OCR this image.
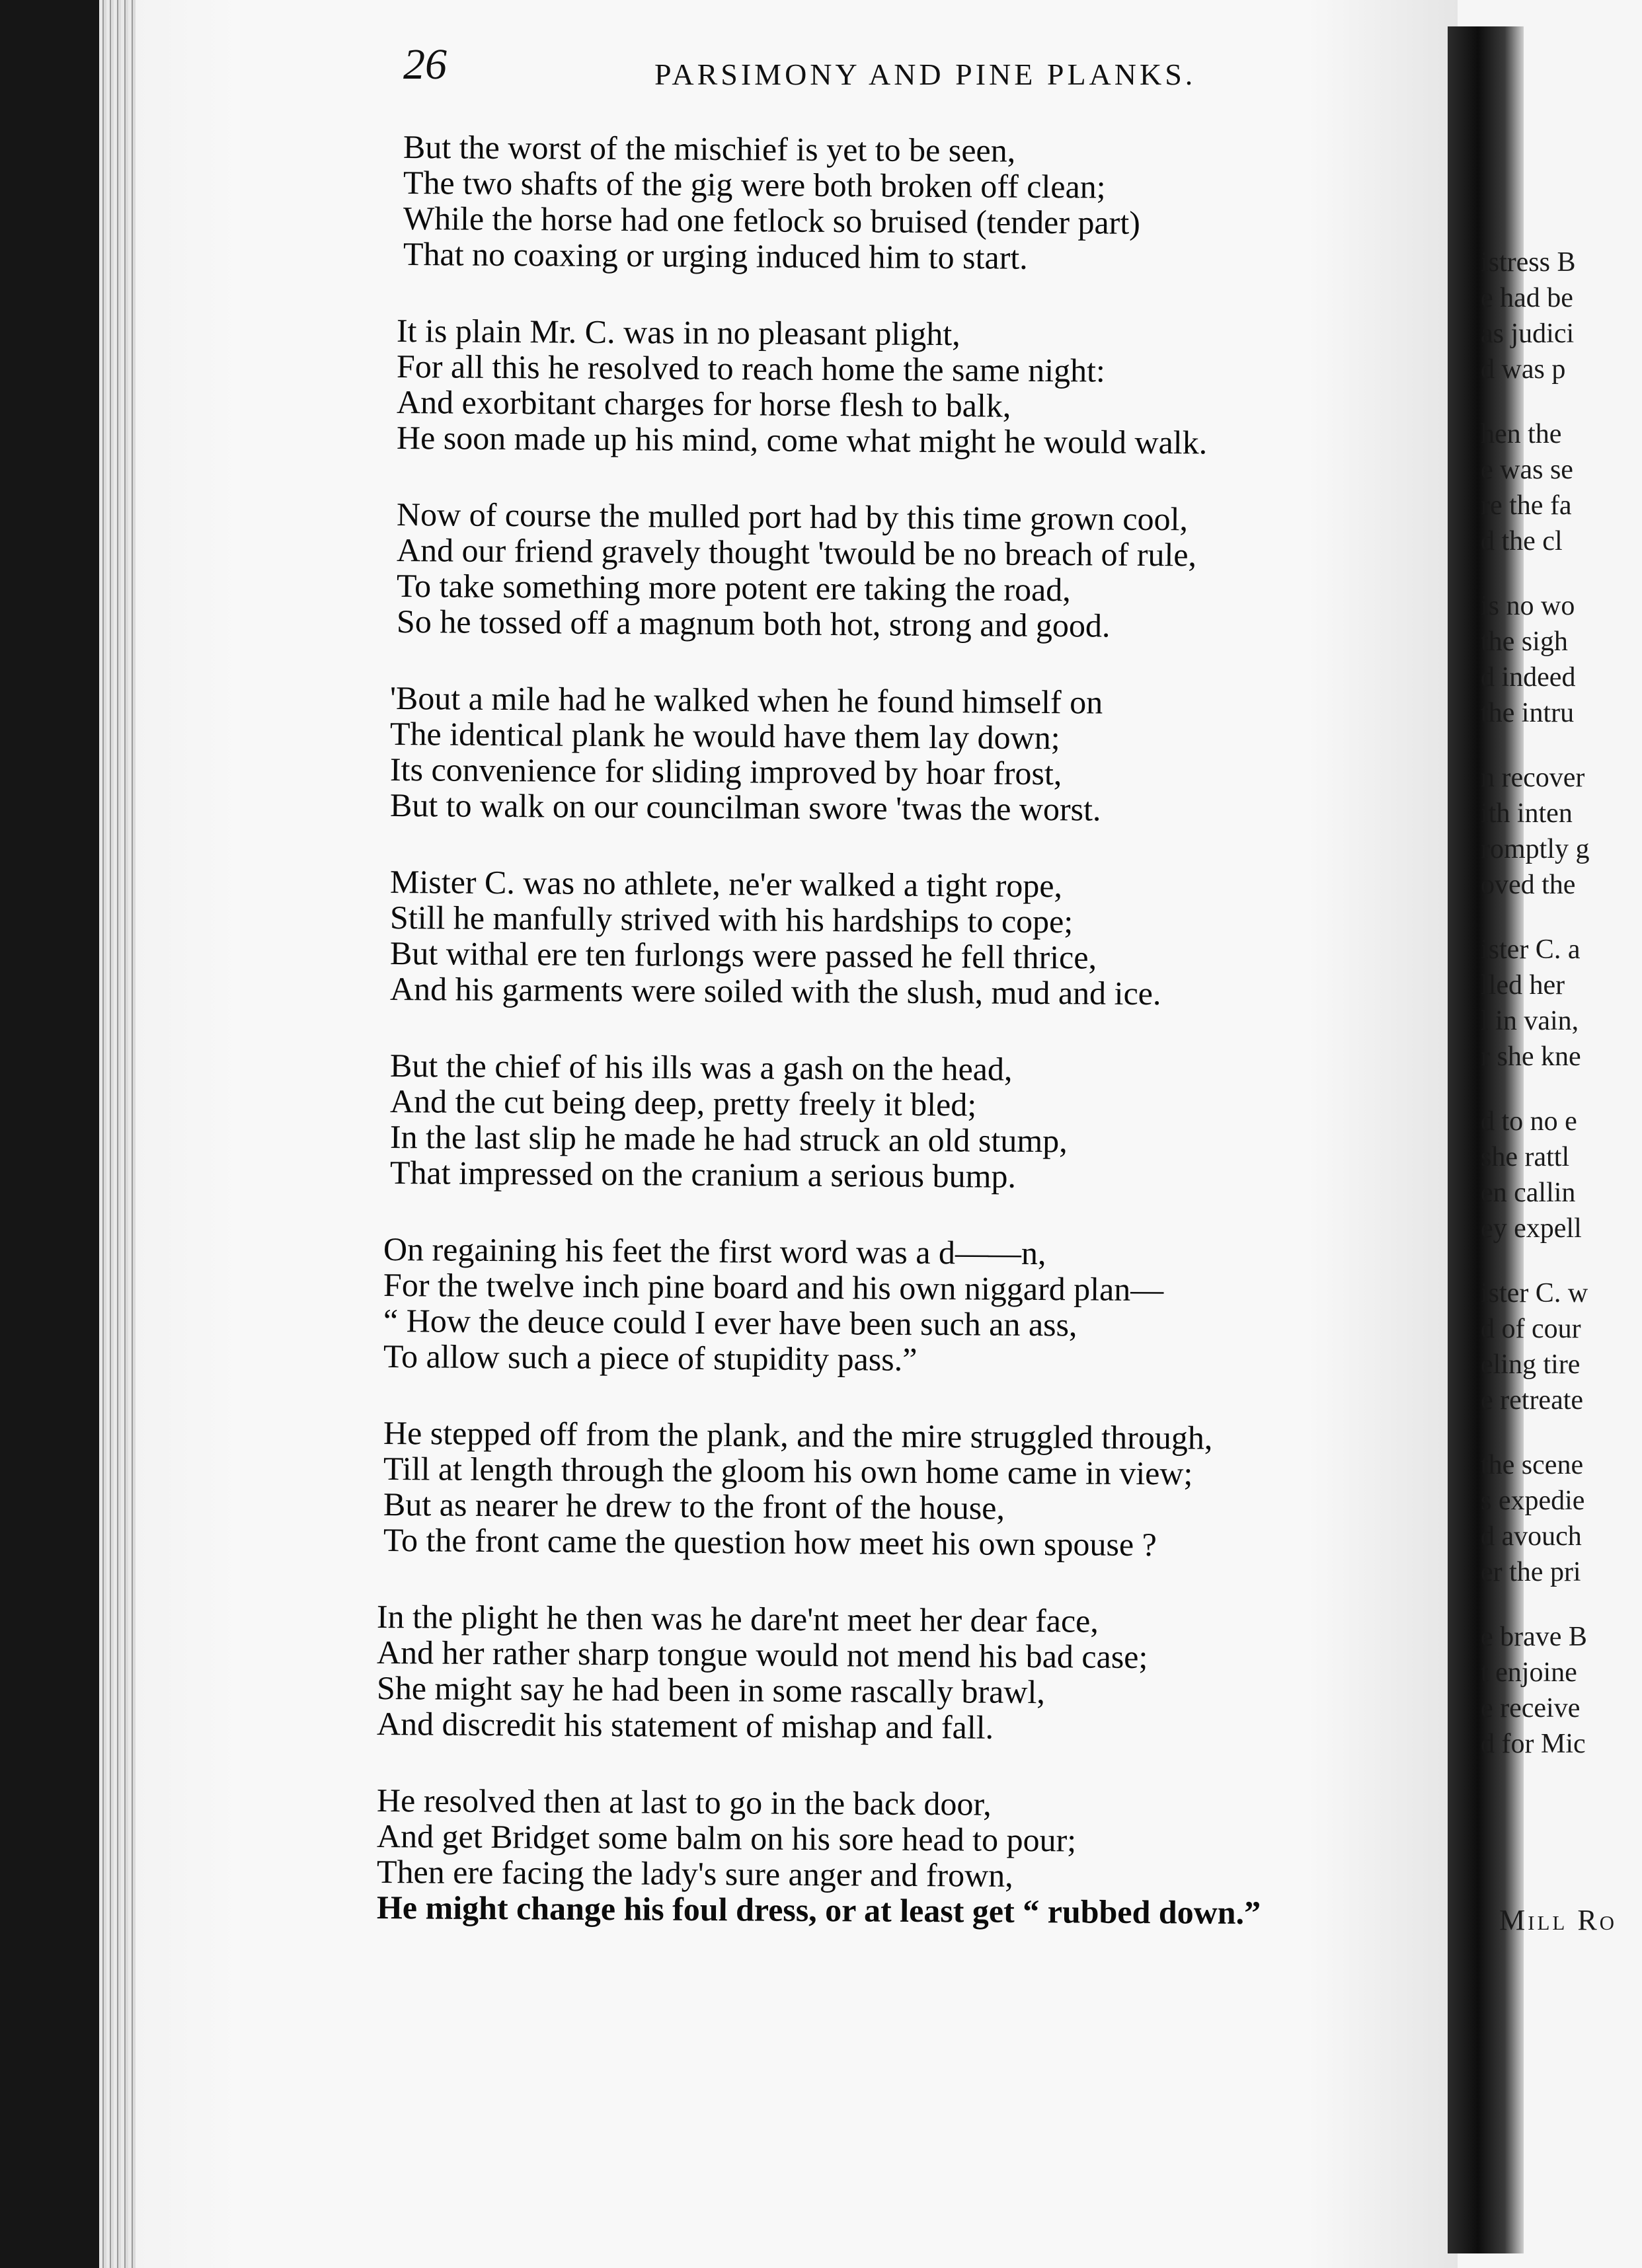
26	PARSIMONY AND PINE PLANKS.
But the worst of the mischief is yet to be seen,
The two shafts of the gig were both broken off clean;
While the horse had one fetlock so bruised (tender part)
That no coaxing or urging induced him to start.
It is plain Mr. C. was in no pleasant plight,
For all this he resolved to reach home the same night:
And exorbitant charges for horse flesh to balk,
He soon made up his mind, come what might he would walk.
Now of course the mulled port had by this time grown cool,
And our friend gravely thought 'twould be no breach of rule,
To take something more potent ere taking the road,
So he tossed off a magnum both hot, strong and good.
'Bout a mile had he walked when he found himself on
The identical plank he would have them lay down;
Its convenience for sliding improved by hoar frost,
But to walk on our councilman swore 'twas the worst.
Mister C. was no athlete, ne'er walked a tight rope,
Still he manfully strived with his hardships to cope;
But withal ere ten furlongs were passed he fell thrice,
And his garments were soiled with the slush, mud and ice.
But the chief of his ills was a gash on the head,
And the cut being deep, pretty freely it bled;
In the last slip he made he had struck an old stump,
That impressed on the cranium a serious bump.
On regaining his feet the first word was a d——n,
For the twelve inch pine board and his own niggard plan—
“ How the deuce could I ever have been such an ass,
To allow such a piece of stupidity pass.”
He stepped off from the plank, and the mire struggled through,
Till at length through the gloom his own home came in view;
But as nearer he drew to the front of the house,
To the front came the question how meet his own spouse ?
In the plight he then was he dare'nt meet her dear face,
And her rather sharp tongue would not mend his bad case;
She might say he had been in some rascally brawl,
And discredit his statement of mishap and fall.
He resolved then at last to go in the back door,
And get Bridget some balm on his sore head to pour;
Then ere facing the lady's sure anger and frown,
He might change his foul dress, or at least get “ rubbed down.”
istress B
e had be
as judici
d was p
hen the
e was se
re the fa
d the cl
is no wo
the sigh
d indeed
the intru
n recover
ith inten
romptly g
oved the
ister C. a
lled her
l in vain,
r she kne
d to no e
she rattl
en callin
ey expell
ister C. w
d of cour
eling tire
e retreate
the scene
s expedie
d avouch
er the pri
e brave B
t enjoine
e receive
d for Mic
Mill Ro
